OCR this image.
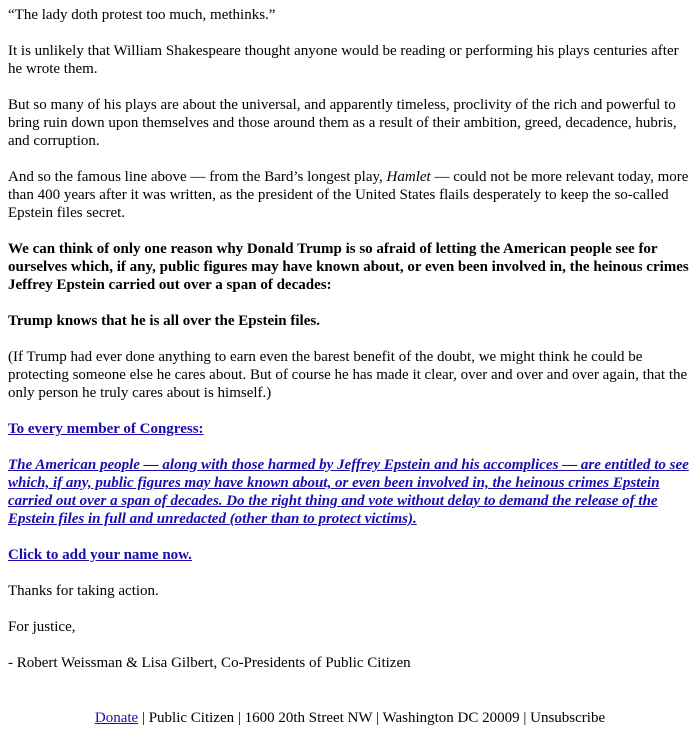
“The lady doth protest too much, methinks.”

It is unlikely that William Shakespeare thought anyone would be reading or performing his plays centuries after he wrote them.

But so many of his plays are about the universal, and apparently timeless, proclivity of the rich and powerful to bring ruin down upon themselves and those around them as a result of their ambition, greed, decadence, hubris, and corruption.

And so the famous line above — from the Bard’s longest play, Hamlet — could not be more relevant today, more than 400 years after it was written, as the president of the United States flails desperately to keep the so-called Epstein files secret.

We can think of only one reason why Donald Trump is so afraid of letting the American people see for ourselves which, if any, public figures may have known about, or even been involved in, the heinous crimes Jeffrey Epstein carried out over a span of decades:

Trump knows that he is all over the Epstein files.

(If Trump had ever done anything to earn even the barest benefit of the doubt, we might think he could be protecting someone else he cares about. But of course he has made it clear, over and over and over again, that the only person he truly cares about is himself.)

To every member of Congress:

The American people — along with those harmed by Jeffrey Epstein and his accomplices — are entitled to see which, if any, public figures may have known about, or even been involved in, the heinous crimes Epstein carried out over a span of decades. Do the right thing and vote without delay to demand the release of the Epstein files in full and unredacted (other than to protect victims).

Click to add your name now.

Thanks for taking action.

For justice,

- Robert Weissman & Lisa Gilbert, Co-Presidents of Public Citizen

Donate | Public Citizen | 1600 20th Street NW | Washington DC 20009 | Unsubscribe
